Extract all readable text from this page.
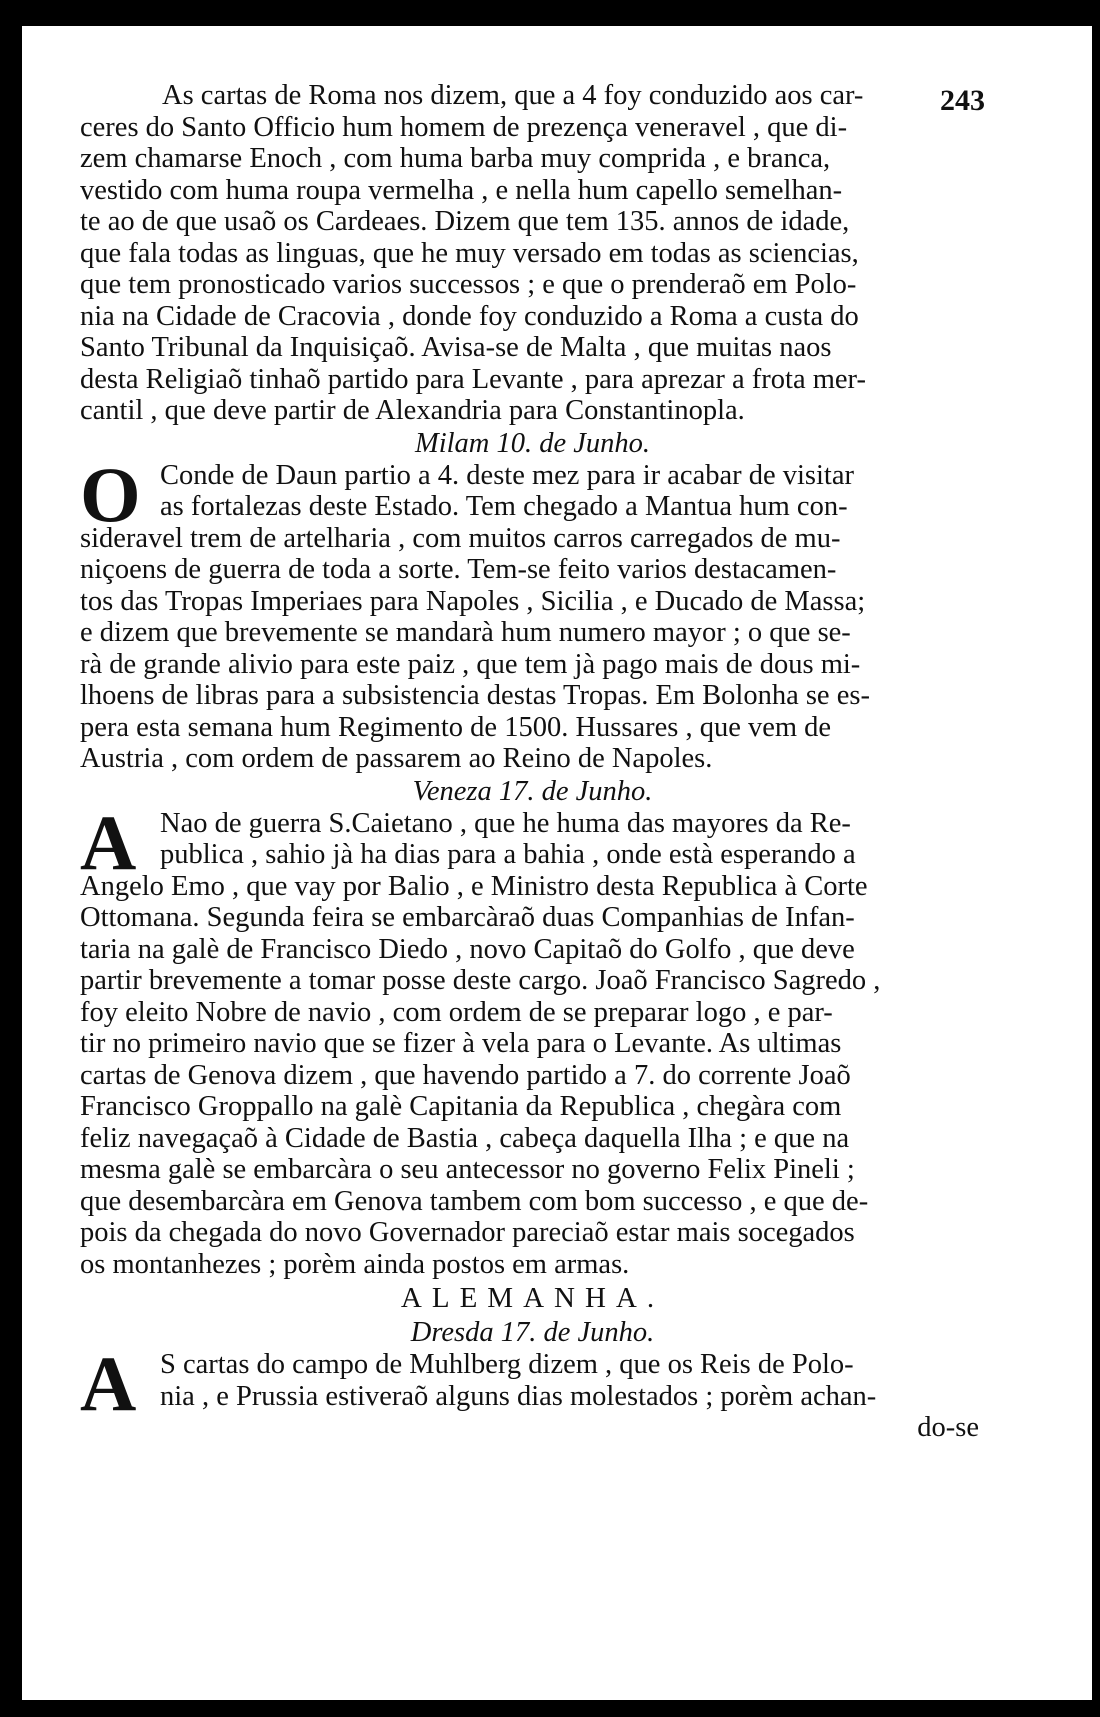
243
As cartas de Roma nos dizem, que a 4 foy conduzido aos car-
ceres do Santo Officio hum homem de prezença veneravel , que di-
zem chamarse Enoch , com huma barba muy comprida , e branca,
vestido com huma roupa vermelha , e nella hum capello semelhan-
te ao de que usaõ os Cardeaes. Dizem que tem 135. annos de idade,
que fala todas as linguas, que he muy versado em todas as sciencias,
que tem pronosticado varios successos ; e que o prenderaõ em Polo-
nia na Cidade de Cracovia , donde foy conduzido a Roma a custa do
Santo Tribunal da Inquisiçaõ. Avisa-se de Malta , que muitas naos
desta Religiaõ tinhaõ partido para Levante , para aprezar a frota mer-
cantil , que deve partir de Alexandria para Constantinopla.
Milam 10. de Junho.
O Conde de Daun partio a 4. deste mez para ir acabar de visitar
as fortalezas deste Estado. Tem chegado a Mantua hum con-
sideravel trem de artelharia , com muitos carros carregados de mu-
niçoens de guerra de toda a sorte. Tem-se feito varios destacamen-
tos das Tropas Imperiaes para Napoles , Sicilia , e Ducado de Massa;
e dizem que brevemente se mandarà hum numero mayor ; o que se-
rà de grande alivio para este paiz , que tem jà pago mais de dous mi-
lhoens de libras para a subsistencia destas Tropas. Em Bolonha se es-
pera esta semana hum Regimento de 1500. Hussares , que vem de
Austria , com ordem de passarem ao Reino de Napoles.
Veneza 17. de Junho.
A Nao de guerra S.Caietano , que he huma das mayores da Re-
publica , sahio jà ha dias para a bahia , onde està esperando a
Angelo Emo , que vay por Balio , e Ministro desta Republica à Corte
Ottomana. Segunda feira se embarcàraõ duas Companhias de Infan-
taria na galè de Francisco Diedo , novo Capitaõ do Golfo , que deve
partir brevemente a tomar posse deste cargo. Joaõ Francisco Sagredo ,
foy eleito Nobre de navio , com ordem de se preparar logo , e par-
tir no primeiro navio que se fizer à vela para o Levante. As ultimas
cartas de Genova dizem , que havendo partido a 7. do corrente Joaõ
Francisco Groppallo na galè Capitania da Republica , chegàra com
feliz navegaçaõ à Cidade de Bastia , cabeça daquella Ilha ; e que na
mesma galè se embarcàra o seu antecessor no governo Felix Pineli ;
que desembarcàra em Genova tambem com bom successo , e que de-
pois da chegada do novo Governador pareciaõ estar mais socegados
os montanhezes ; porèm ainda postos em armas.
ALEMANHA.
Dresda 17. de Junho.
A S cartas do campo de Muhlberg dizem , que os Reis de Polo-
nia , e Prussia estiveraõ alguns dias molestados ; porèm achan-
do-se
